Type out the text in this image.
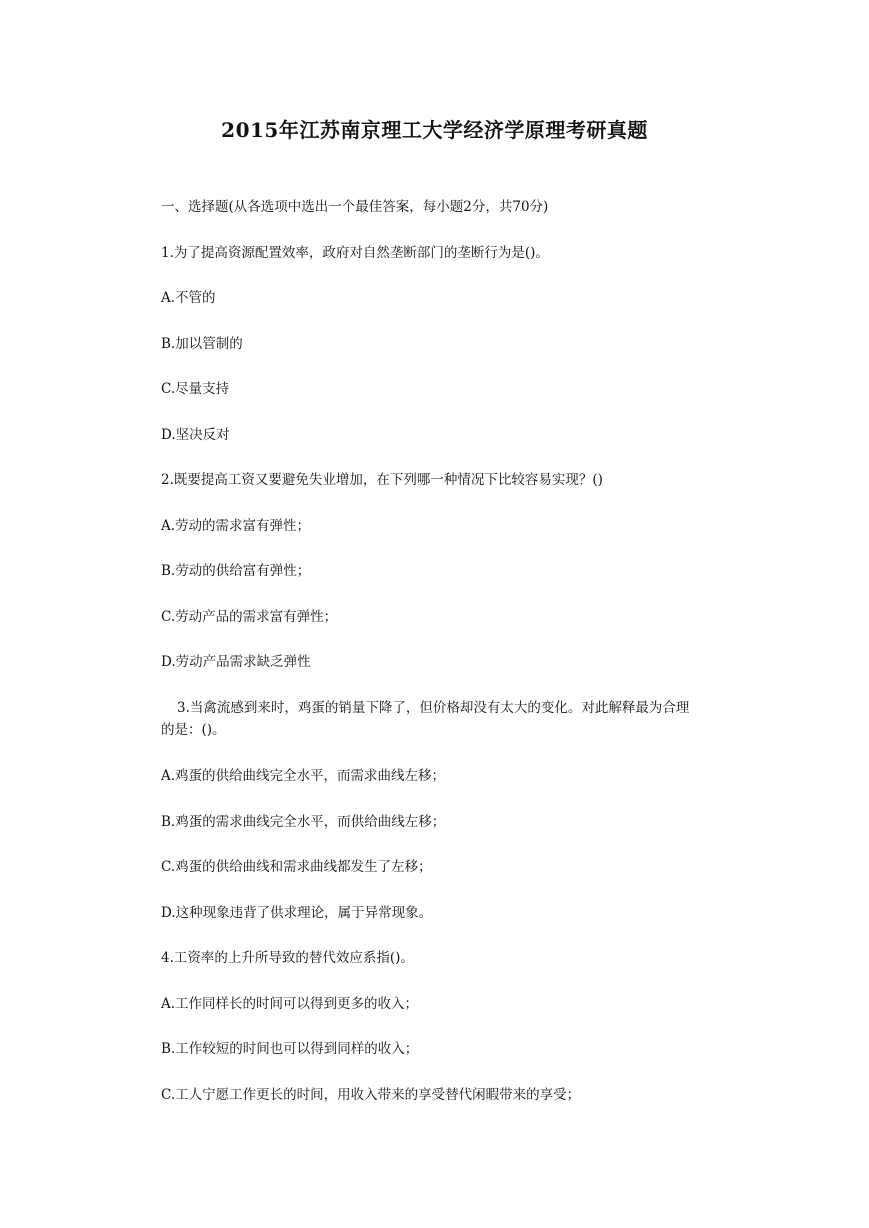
2015年江苏南京理工大学经济学原理考研真题
一、选择题(从各选项中选出一个最佳答案，每小题2分，共70分)
1.为了提高资源配置效率，政府对自然垄断部门的垄断行为是()。
A.不管的
B.加以管制的
C.尽量支持
D.坚决反对
2.既要提高工资又要避免失业增加，在下列哪一种情况下比较容易实现？()
A.劳动的需求富有弹性；
B.劳动的供给富有弹性；
C.劳动产品的需求富有弹性；
D.劳动产品需求缺乏弹性
3.当禽流感到来时，鸡蛋的销量下降了，但价格却没有太大的变化。对此解释最为合理
的是：()。
A.鸡蛋的供给曲线完全水平，而需求曲线左移；
B.鸡蛋的需求曲线完全水平，而供给曲线左移；
C.鸡蛋的供给曲线和需求曲线都发生了左移；
D.这种现象违背了供求理论，属于异常现象。
4.工资率的上升所导致的替代效应系指()。
A.工作同样长的时间可以得到更多的收入；
B.工作较短的时间也可以得到同样的收入；
C.工人宁愿工作更长的时间，用收入带来的享受替代闲暇带来的享受；
